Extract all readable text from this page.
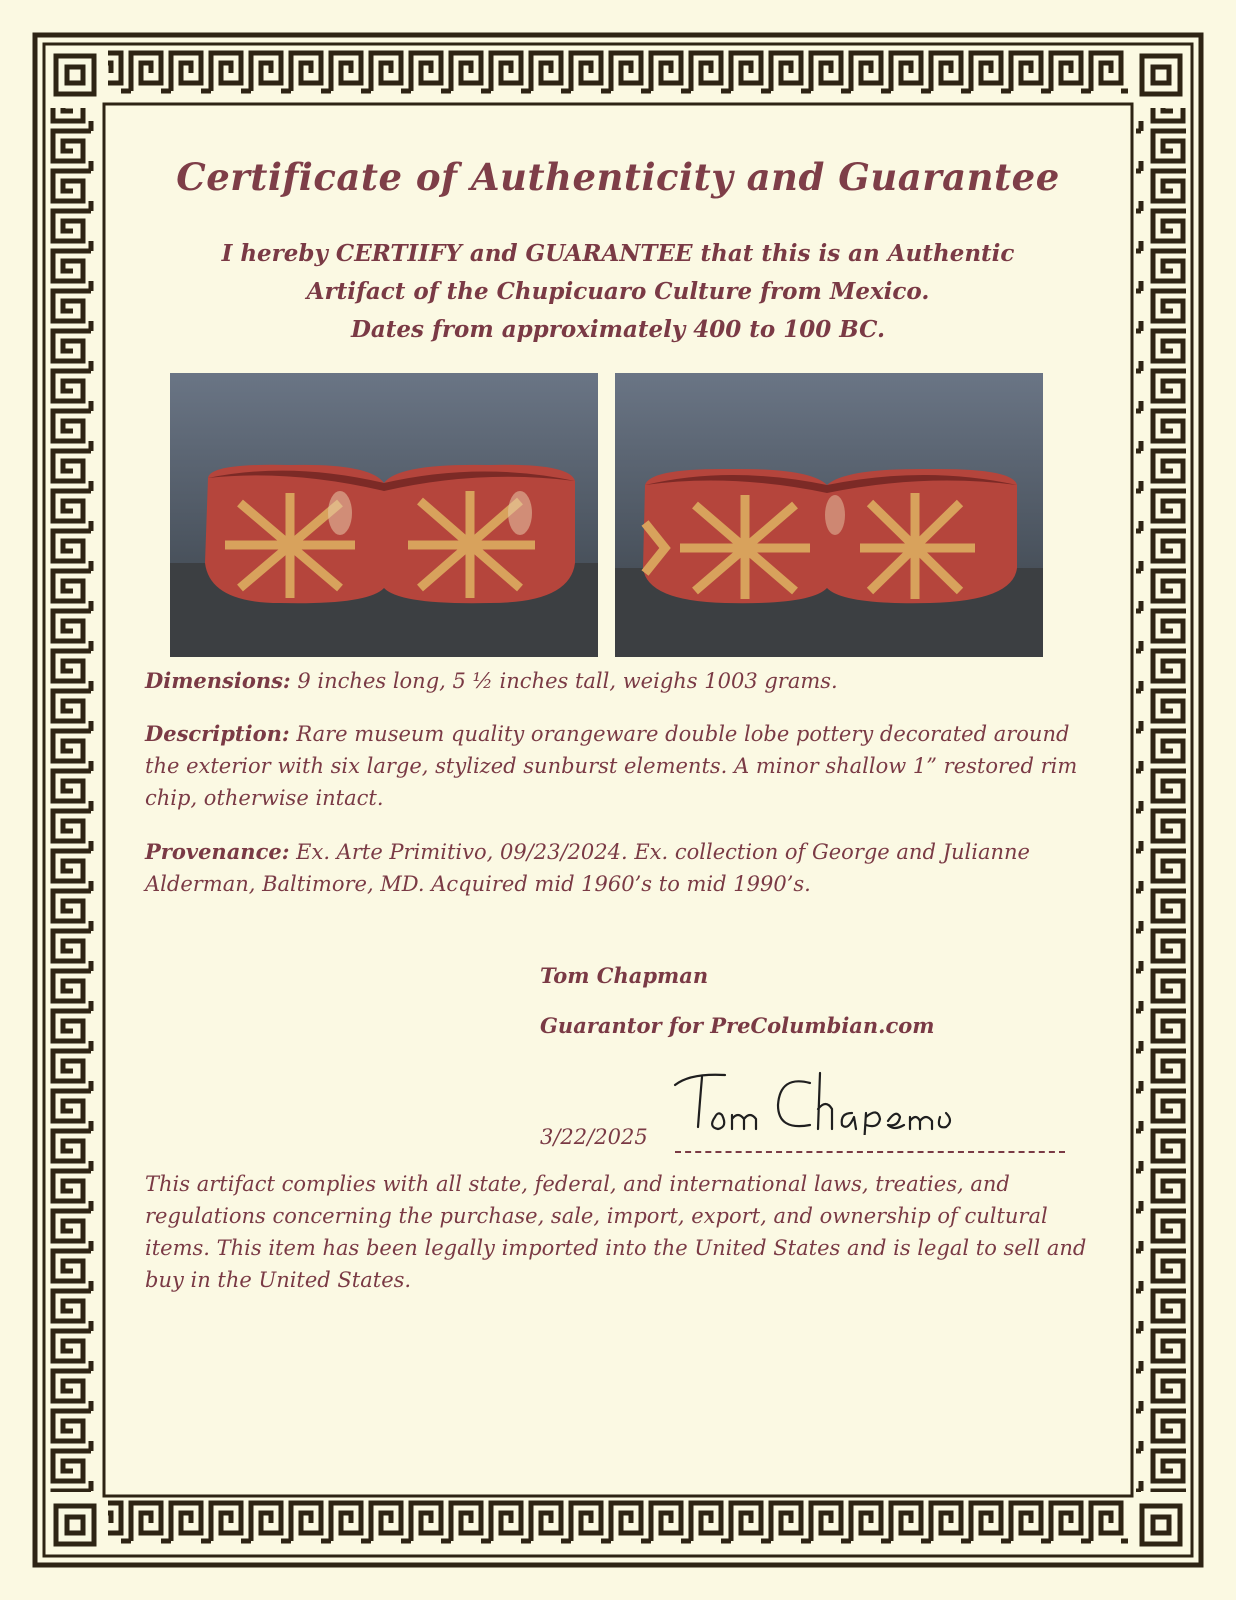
Certificate of Authenticity and Guarantee
I hereby CERTIIFY and GUARANTEE that this is an Authentic
Artifact of the Chupicuaro Culture from Mexico.
Dates from approximately 400 to 100 BC.
Dimensions: 9 inches long, 5 ½ inches tall, weighs 1003 grams.
Description: Rare museum quality orangeware double lobe pottery decorated around the exterior with six large, stylized sunburst elements. A minor shallow 1” restored rim chip, otherwise intact.
Provenance: Ex. Arte Primitivo, 09/23/2024. Ex. collection of George and Julianne Alderman, Baltimore, MD. Acquired mid 1960’s to mid 1990’s.
Tom Chapman
Guarantor for PreColumbian.com
3/22/2025
This artifact complies with all state, federal, and international laws, treaties, and regulations concerning the purchase, sale, import, export, and ownership of cultural items. This item has been legally imported into the United States and is legal to sell and buy in the United States.
